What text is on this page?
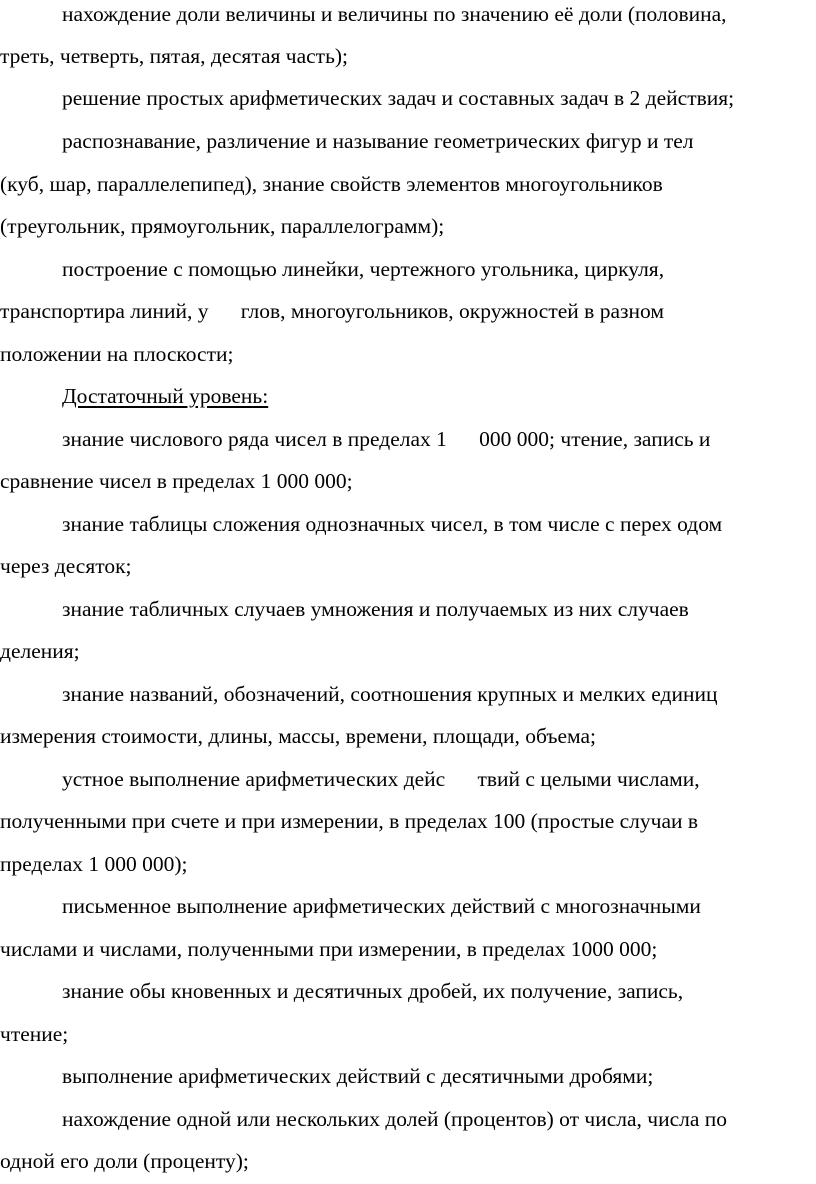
нахождение доли величины и величины по значению её доли (половина,
треть, четверть, пятая, десятая часть);
решение простых арифметических задач и составных задач в 2 действия;
распознавание, различение и называние геометрических фигур и тел
(куб, шар, параллелепипед), знание свойств элементов многоугольников
(треугольник, прямоугольник, параллелограмм);
построение с помощью линейки, чертежного угольника, циркуля,
транспортира линий, у      глов, многоугольников, окружностей в разном
положении на плоскости;
Достаточный уровень:
знание числового ряда чисел в пределах 1      000 000; чтение, запись и
сравнение чисел в пределах 1 000 000;
знание таблицы сложения однозначных чисел, в том числе с перех одом
через десяток;
знание табличных случаев умножения и получаемых из них случаев
деления;
знание названий, обозначений, соотношения крупных и мелких единиц
измерения стоимости, длины, массы, времени, площади, объема;
устное выполнение арифметических дейс      твий с целыми числами,
полученными при счете и при измерении, в пределах 100 (простые случаи в
пределах 1 000 000);
письменное выполнение арифметических действий с многозначными
числами и числами, полученными при измерении, в пределах 1000 000;
знание обы кновенных и десятичных дробей, их получение, запись,
чтение;
выполнение арифметических действий с десятичными дробями;
нахождение одной или нескольких долей (процентов) от числа, числа по
одной его доли (проценту);
